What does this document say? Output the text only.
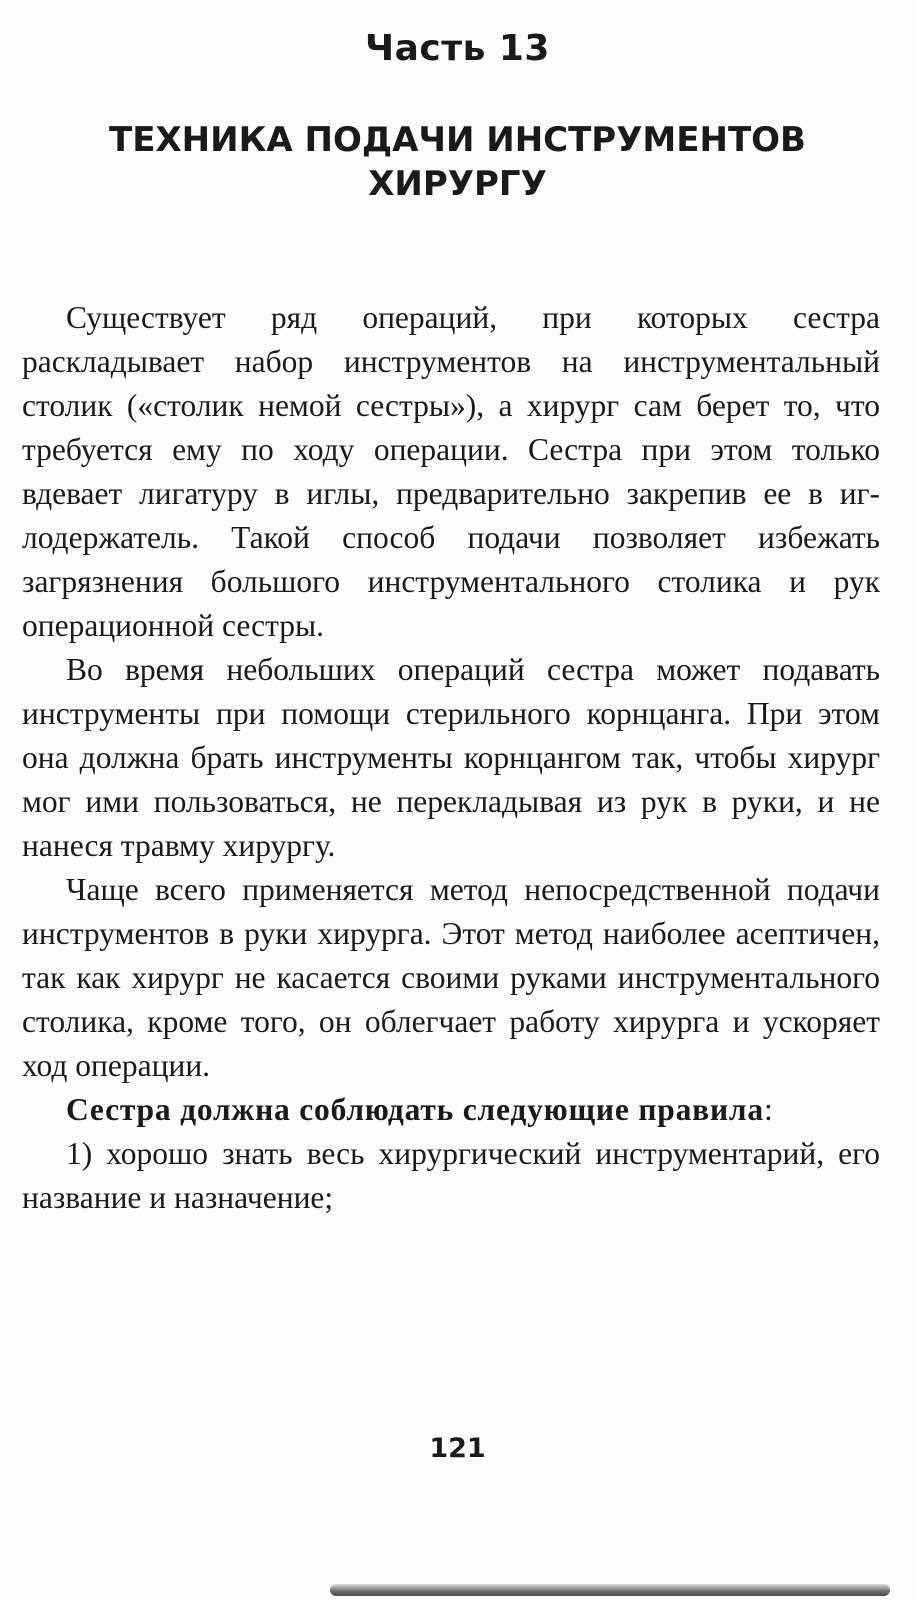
Часть 13
ТЕХНИКА ПОДАЧИ ИНСТРУМЕНТОВ
ХИРУРГУ

Существует ряд операций, при которых сестра раскладывает набор инструментов на инструментальный столик («столик немой сестры»), а хирург сам берет то, что требуется ему по ходу операции. Сестра при этом только вдевает лигатуру в иглы, предварительно закрепив ее в иглодержатель. Такой способ подачи позволяет избежать загрязнения большого инструментального столика и рук операционной сестры.

Во время небольших операций сестра может подавать инструменты при помощи стерильного корнцанга. При этом она должна брать инструменты корнцангом так, чтобы хирург мог ими пользоваться, не перекладывая из рук в руки, и не нанеся травму хирургу.

Чаще всего применяется метод непосредственной подачи инструментов в руки хирурга. Этот метод наиболее асептичен, так как хирург не касается своими руками инструментального столика, кроме того, он облегчает работу хирурга и ускоряет ход операции.

Сестра должна соблюдать следующие правила:

1) хорошо знать весь хирургический инструментарий, его название и назначение;

121
